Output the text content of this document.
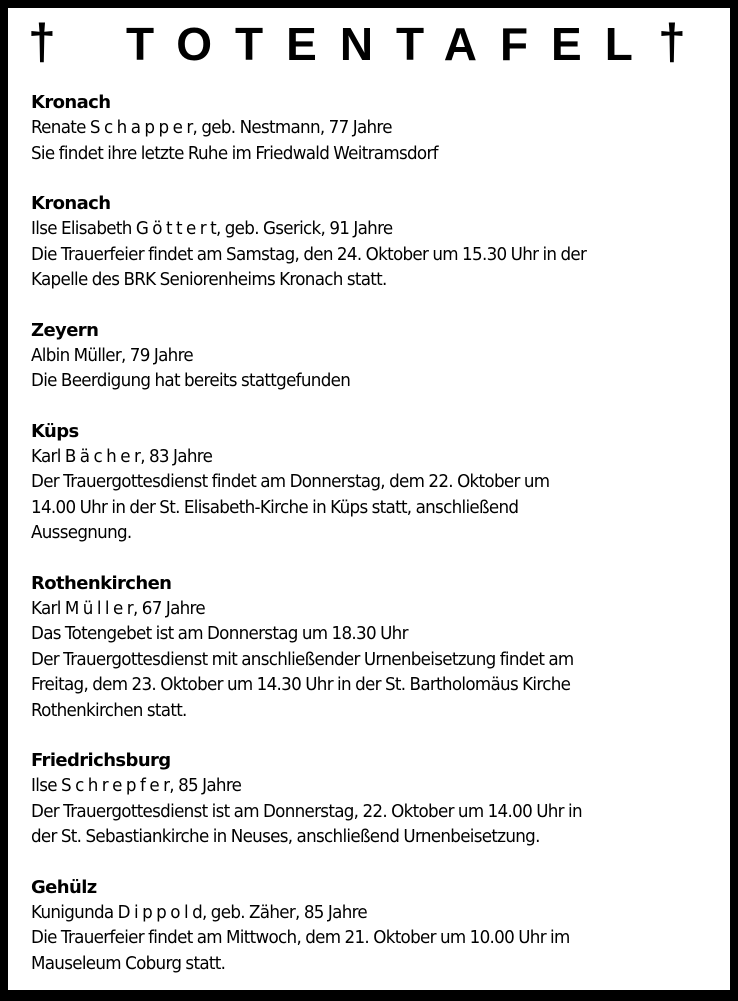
† TOTENTAFEL †
Kronach
Renate S c h a p p e r, geb. Nestmann, 77 Jahre
Sie findet ihre letzte Ruhe im Friedwald Weitramsdorf
Kronach
Ilse Elisabeth G ö t t e r t, geb. Gserick, 91 Jahre
Die Trauerfeier findet am Samstag, den 24. Oktober um 15.30 Uhr in der
Kapelle des BRK Seniorenheims Kronach statt.
Zeyern
Albin Müller, 79 Jahre
Die Beerdigung hat bereits stattgefunden
Küps
Karl B ä c h e r, 83 Jahre
Der Trauergottesdienst findet am Donnerstag, dem 22. Oktober um
14.00 Uhr in der St. Elisabeth-Kirche in Küps statt, anschließend
Aussegnung.
Rothenkirchen
Karl M ü l l e r, 67 Jahre
Das Totengebet ist am Donnerstag um 18.30 Uhr
Der Trauergottesdienst mit anschließender Urnenbeisetzung findet am
Freitag, dem 23. Oktober um 14.30 Uhr in der St. Bartholomäus Kirche
Rothenkirchen statt.
Friedrichsburg
Ilse S c h r e p f e r, 85 Jahre
Der Trauergottesdienst ist am Donnerstag, 22. Oktober um 14.00 Uhr in
der St. Sebastiankirche in Neuses, anschließend Urnenbeisetzung.
Gehülz
Kunigunda D i p p o l d, geb. Zäher, 85 Jahre
Die Trauerfeier findet am Mittwoch, dem 21. Oktober um 10.00 Uhr im
Mauseleum Coburg statt.
